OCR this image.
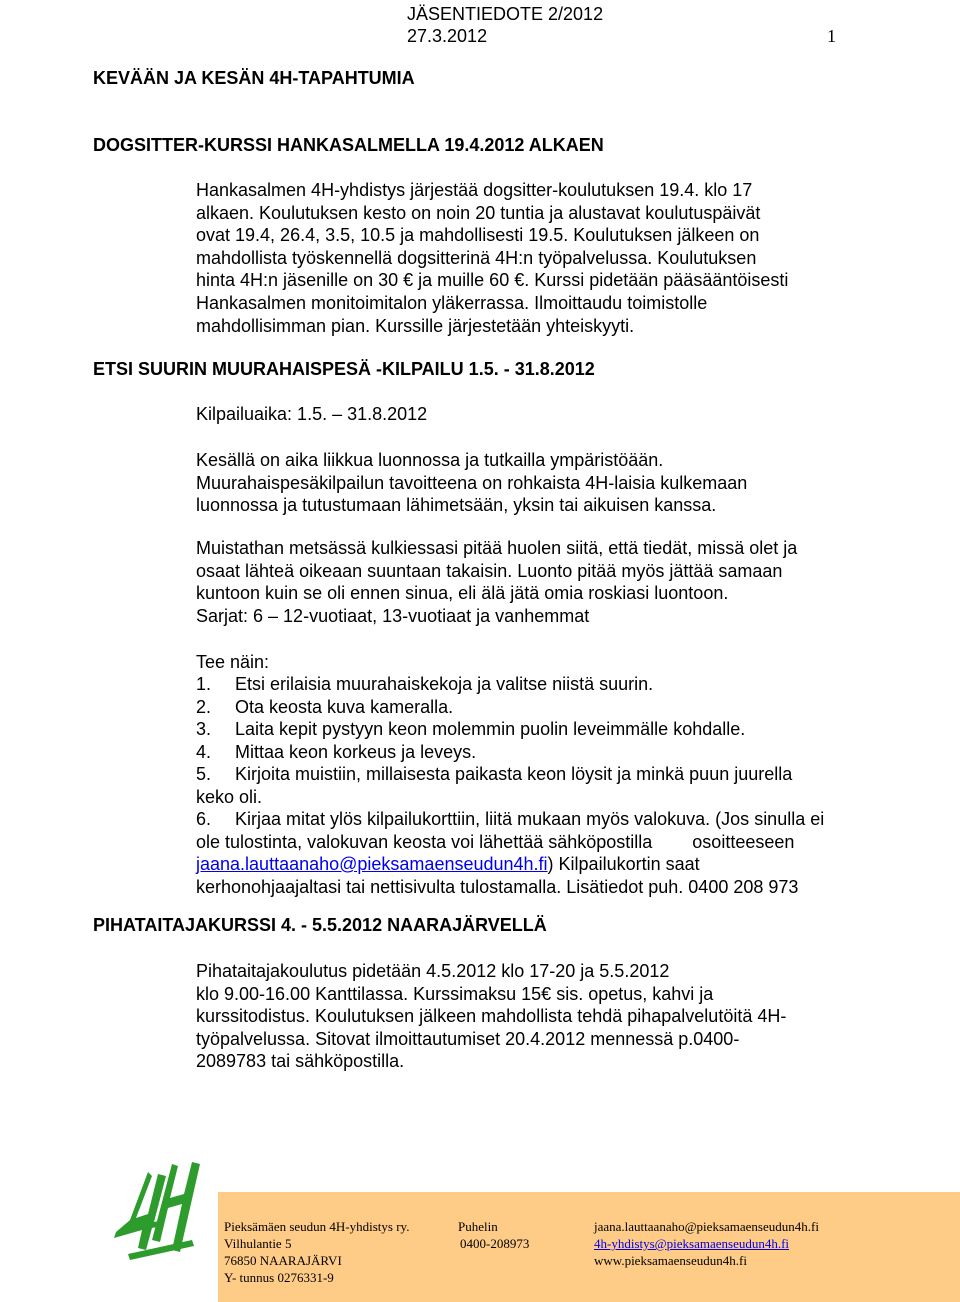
JÄSENTIEDOTE 2/2012
27.3.2012	1
KEVÄÄN JA KESÄN 4H-TAPAHTUMIA
DOGSITTER-KURSSI HANKASALMELLA 19.4.2012 ALKAEN
Hankasalmen 4H-yhdistys järjestää dogsitter-koulutuksen 19.4. klo 17
alkaen. Koulutuksen kesto on noin 20 tuntia ja alustavat koulutuspäivät
ovat 19.4, 26.4, 3.5, 10.5 ja mahdollisesti 19.5. Koulutuksen jälkeen on
mahdollista työskennellä dogsitterinä 4H:n työpalvelussa. Koulutuksen
hinta 4H:n jäsenille on 30 € ja muille 60 €. Kurssi pidetään pääsääntöisesti
Hankasalmen monitoimitalon yläkerrassa. Ilmoittaudu toimistolle
mahdollisimman pian. Kurssille järjestetään yhteiskyyti.
ETSI SUURIN MUURAHAISPESÄ -KILPAILU 1.5. - 31.8.2012
Kilpailuaika: 1.5. – 31.8.2012
Kesällä on aika liikkua luonnossa ja tutkailla ympäristöään.
Muurahaispesäkilpailun tavoitteena on rohkaista 4H-laisia kulkemaan
luonnossa ja tutustumaan lähimetsään, yksin tai aikuisen kanssa.
Muistathan metsässä kulkiessasi pitää huolen siitä, että tiedät, missä olet ja
osaat lähteä oikeaan suuntaan takaisin. Luonto pitää myös jättää samaan
kuntoon kuin se oli ennen sinua, eli älä jätä omia roskiasi luontoon.
Sarjat: 6 – 12-vuotiaat, 13-vuotiaat ja vanhemmat
Tee näin:
1. Etsi erilaisia muurahaiskekoja ja valitse niistä suurin.
2. Ota keosta kuva kameralla.
3. Laita kepit pystyyn keon molemmin puolin leveimmälle kohdalle.
4. Mittaa keon korkeus ja leveys.
5. Kirjoita muistiin, millaisesta paikasta keon löysit ja minkä puun juurella
keko oli.
6. Kirjaa mitat ylös kilpailukorttiin, liitä mukaan myös valokuva. (Jos sinulla ei
ole tulostinta, valokuvan keosta voi lähettää sähköpostilla osoitteeseen
jaana.lauttaanaho@pieksamaenseudun4h.fi) Kilpailukortin saat
kerhonohjaajaltasi tai nettisivulta tulostamalla. Lisätiedot puh. 0400 208 973
PIHATAITAJAKURSSI 4. - 5.5.2012 NAARAJÄRVELLÄ
Pihataitajakoulutus pidetään 4.5.2012 klo 17-20 ja 5.5.2012
klo 9.00-16.00 Kanttilassa. Kurssimaksu 15€ sis. opetus, kahvi ja
kurssitodistus. Koulutuksen jälkeen mahdollista tehdä pihapalvelutöitä 4H-
työpalvelussa. Sitovat ilmoittautumiset 20.4.2012 mennessä p.0400-
2089783 tai sähköpostilla.
4H
Pieksämäen seudun 4H-yhdistys ry.
Vilhulantie 5
76850 NAARAJÄRVI
Y- tunnus 0276331-9
Puhelin
0400-208973
jaana.lauttaanaho@pieksamaenseudun4h.fi
4h-yhdistys@pieksamaenseudun4h.fi
www.pieksamaenseudun4h.fi
